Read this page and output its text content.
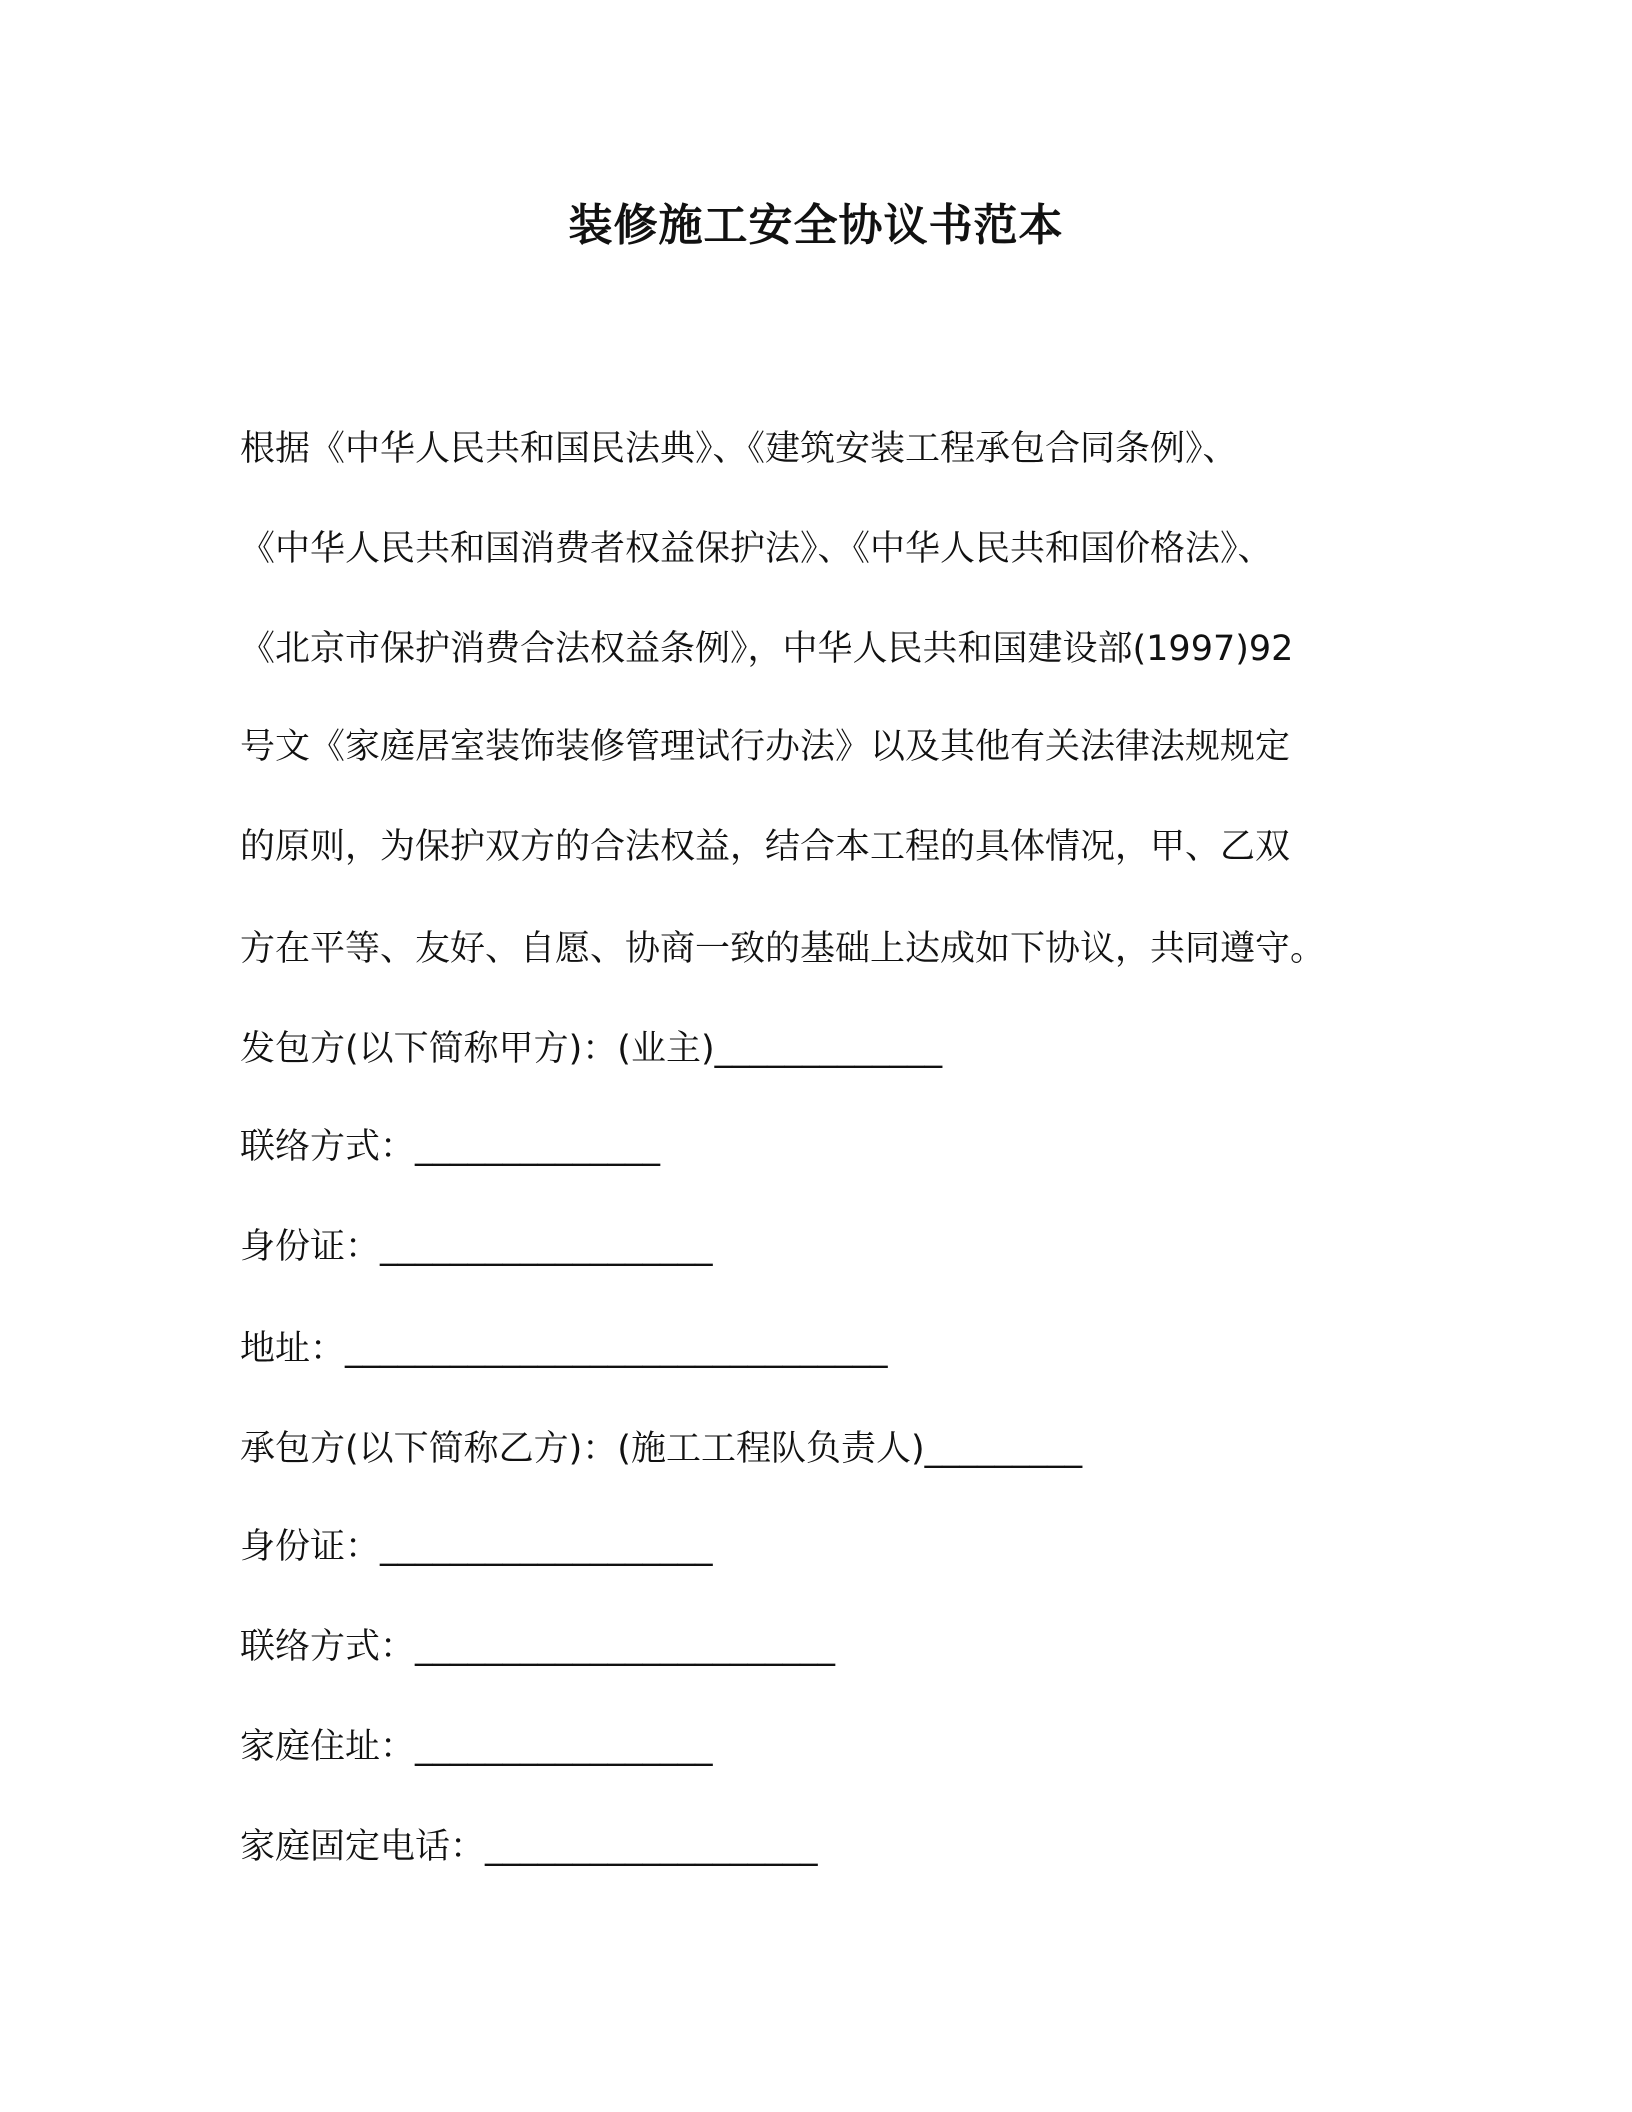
装修施工安全协议书范本
根据《中华人民共和国民法典》、《建筑安装工程承包合同条例》、
《中华人民共和国消费者权益保护法》、《中华人民共和国价格法》、
《北京市保护消费合法权益条例》，中华人民共和国建设部(1997)92
号文《家庭居室装饰装修管理试行办法》以及其他有关法律法规规定
的原则，为保护双方的合法权益，结合本工程的具体情况，甲、乙双
方在平等、友好、自愿、协商一致的基础上达成如下协议，共同遵守。
发包方(以下简称甲方)：(业主)_____________
联络方式：______________
身份证：___________________
地址：_______________________________
承包方(以下简称乙方)：(施工工程队负责人)_________
身份证：___________________
联络方式：________________________
家庭住址：_________________
家庭固定电话：___________________
